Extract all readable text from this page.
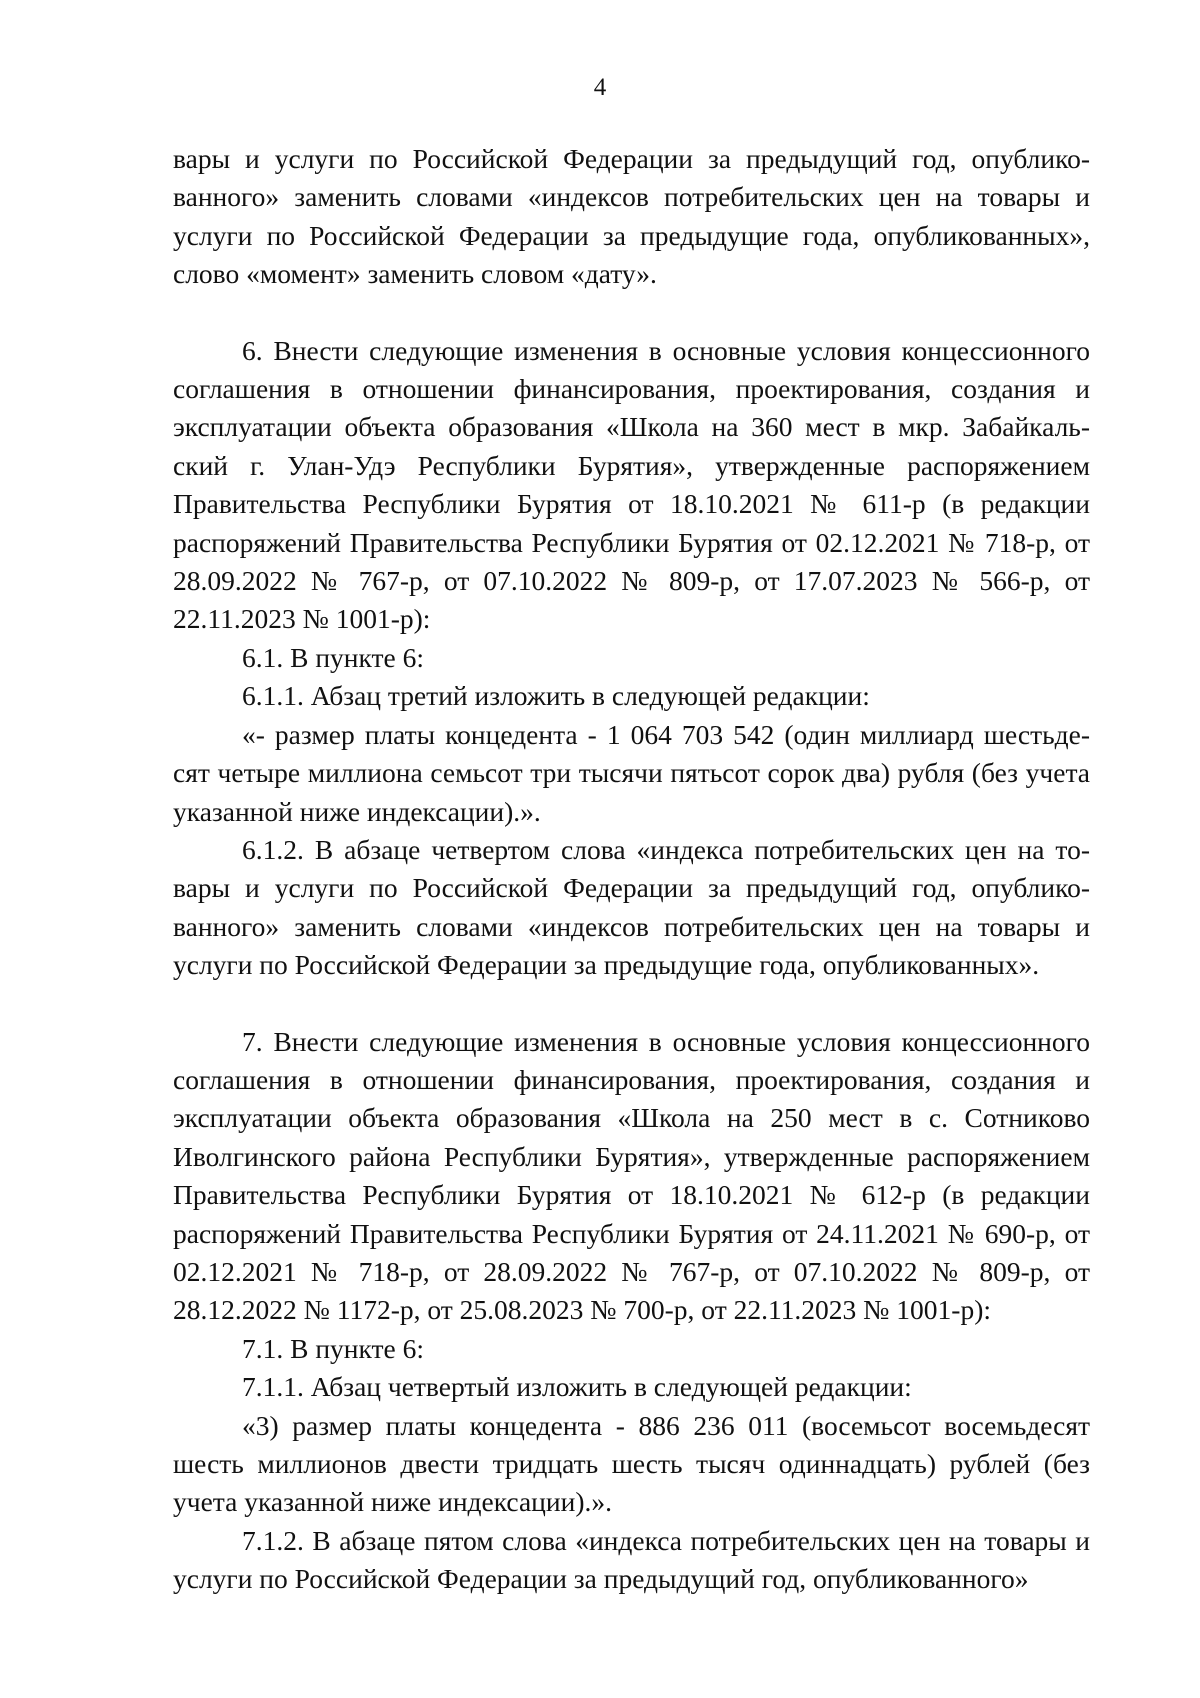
4

вары и услуги по Российской Федерации за предыдущий год, опублико-ванного» заменить словами «индексов потребительских цен на товары и услуги по Российской Федерации за предыдущие года, опубликованных», слово «момент» заменить словом «дату».

6. Внести следующие изменения в основные условия концессионного соглашения в отношении финансирования, проектирования, создания и эксплуатации объекта образования «Школа на 360 мест в мкр. Забайкаль-ский г. Улан-Удэ Республики Бурятия», утвержденные распоряжением Правительства Республики Бурятия от 18.10.2021 № 611-р (в редакции распоряжений Правительства Республики Бурятия от 02.12.2021 № 718-р, от 28.09.2022 № 767-р, от 07.10.2022 № 809-р, от 17.07.2023 № 566-р, от 22.11.2023 № 1001-р):

6.1. В пункте 6:

6.1.1. Абзац третий изложить в следующей редакции:

«- размер платы концедента - 1 064 703 542 (один миллиард шестьде-сят четыре миллиона семьсот три тысячи пятьсот сорок два) рубля (без учета указанной ниже индексации).».

6.1.2. В абзаце четвертом слова «индекса потребительских цен на то-вары и услуги по Российской Федерации за предыдущий год, опублико-ванного» заменить словами «индексов потребительских цен на товары и услуги по Российской Федерации за предыдущие года, опубликованных».

7. Внести следующие изменения в основные условия концессионного соглашения в отношении финансирования, проектирования, создания и эксплуатации объекта образования «Школа на 250 мест в с. Сотниково Иволгинского района Республики Бурятия», утвержденные распоряжением Правительства Республики Бурятия от 18.10.2021 № 612-р (в редакции распоряжений Правительства Республики Бурятия от 24.11.2021 № 690-р, от 02.12.2021 № 718-р, от 28.09.2022 № 767-р, от 07.10.2022 № 809-р, от 28.12.2022 № 1172-р, от 25.08.2023 № 700-р, от 22.11.2023 № 1001-р):

7.1. В пункте 6:

7.1.1. Абзац четвертый изложить в следующей редакции:

«3) размер платы концедента - 886 236 011 (восемьсот восемьдесят шесть миллионов двести тридцать шесть тысяч одиннадцать) рублей (без учета указанной ниже индексации).».

7.1.2. В абзаце пятом слова «индекса потребительских цен на товары и услуги по Российской Федерации за предыдущий год, опубликованного»
